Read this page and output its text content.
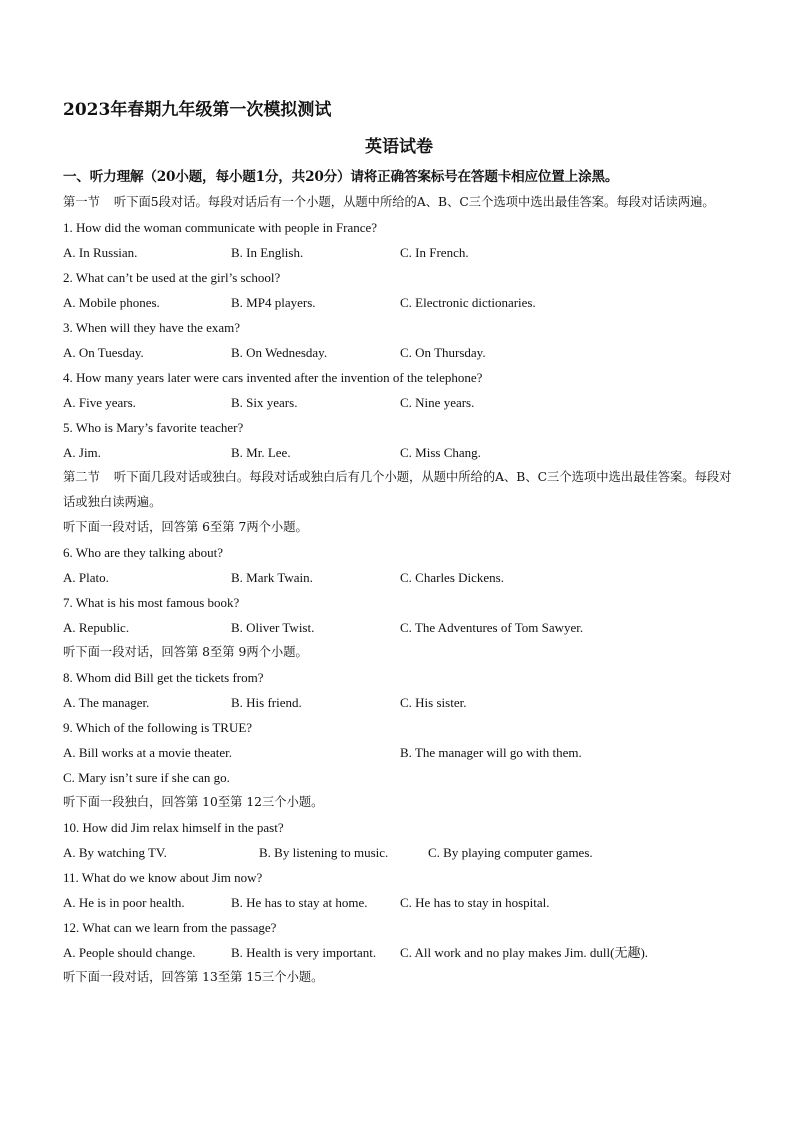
2023年春期九年级第一次模拟测试

英语试卷

一、听力理解（20小题，每小题1分，共20分）请将正确答案标号在答题卡相应位置上涂黑。

第一节 听下面5段对话。每段对话后有一个小题，从题中所给的A、B、C三个选项中选出最佳答案。每段对话读两遍。

1. How did the woman communicate with people in France?

A. In Russian.	B. In English.	C. In French.

2. What can’t be used at the girl’s school?

A. Mobile phones.	B. MP4 players.	C. Electronic dictionaries.

3. When will they have the exam?

A. On Tuesday.	B. On Wednesday.	C. On Thursday.

4. How many years later were cars invented after the invention of the telephone?

A. Five years.	B. Six years.	C. Nine years.

5. Who is Mary’s favorite teacher?

A. Jim.	B. Mr. Lee.	C. Miss Chang.

第二节 听下面几段对话或独白。每段对话或独白后有几个小题，从题中所给的A、B、C三个选项中选出最佳答案。每段对话或独白读两遍。

听下面一段对话，回答第 6至第 7两个小题。

6. Who are they talking about?

A. Plato.	B. Mark Twain.	C. Charles Dickens.

7. What is his most famous book?

A. Republic.	B. Oliver Twist.	C. The Adventures of Tom Sawyer.

听下面一段对话，回答第 8至第 9两个小题。

8. Whom did Bill get the tickets from?

A. The manager.	B. His friend.	C. His sister.

9. Which of the following is TRUE?

A. Bill works at a movie theater.	B. The manager will go with them.

C. Mary isn’t sure if she can go.

听下面一段独白，回答第 10至第 12三个小题。

10. How did Jim relax himself in the past?

A. By watching TV.	B. By listening to music.	C. By playing computer games.

11. What do we know about Jim now?

A. He is in poor health.	B. He has to stay at home.	C. He has to stay in hospital.

12. What can we learn from the passage?

A. People should change.	B. Health is very important. C. All work and no play makes Jim. dull(无趣).

听下面一段对话，回答第 13至第 15三个小题。
